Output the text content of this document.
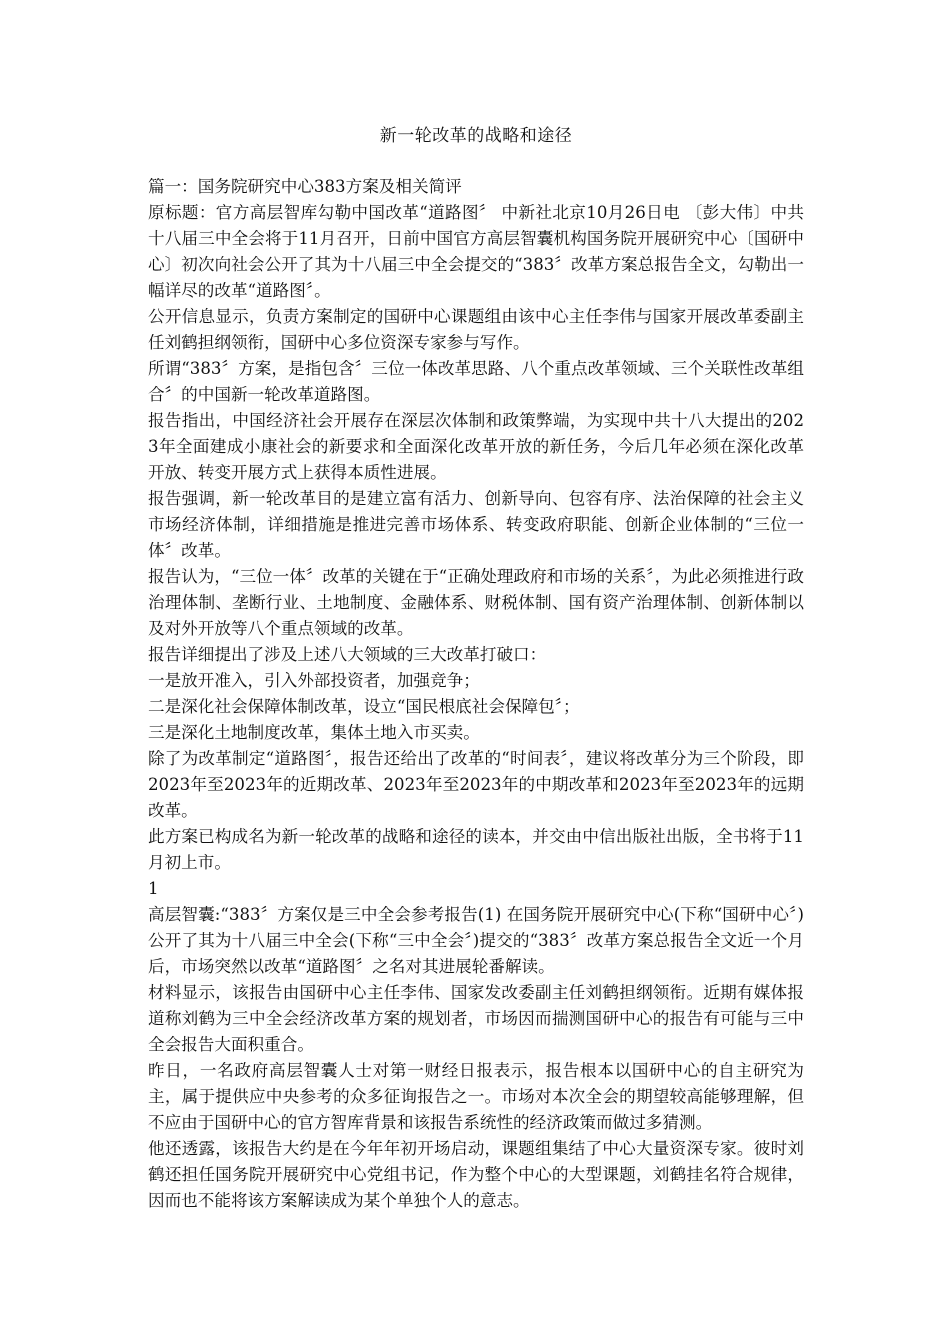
新一轮改革的战略和途径

篇一：国务院研究中心383方案及相关简评

原标题：官方高层智库勾勒中国改革“道路图〞 中新社北京10月26日电 〔彭大伟〕中共十八届三中全会将于11月召开，日前中国官方高层智囊机构国务院开展研究中心〔国研中心〕初次向社会公开了其为十八届三中全会提交的“383〞改革方案总报告全文，勾勒出一幅详尽的改革“道路图〞。

公开信息显示，负责方案制定的国研中心课题组由该中心主任李伟与国家开展改革委副主任刘鹤担纲领衔，国研中心多位资深专家参与写作。

所谓“383〞方案，是指包含〞三位一体改革思路、八个重点改革领域、三个关联性改革组合〞的中国新一轮改革道路图。

报告指出，中国经济社会开展存在深层次体制和政策弊端，为实现中共十八大提出的2023年全面建成小康社会的新要求和全面深化改革开放的新任务，今后几年必须在深化改革开放、转变开展方式上获得本质性进展。

报告强调，新一轮改革目的是建立富有活力、创新导向、包容有序、法治保障的社会主义市场经济体制，详细措施是推进完善市场体系、转变政府职能、创新企业体制的“三位一体〞改革。

报告认为，“三位一体〞改革的关键在于“正确处理政府和市场的关系〞，为此必须推进行政治理体制、垄断行业、土地制度、金融体系、财税体制、国有资产治理体制、创新体制以及对外开放等八个重点领域的改革。

报告详细提出了涉及上述八大领域的三大改革打破口：

一是放开准入，引入外部投资者，加强竞争；

二是深化社会保障体制改革，设立“国民根底社会保障包〞；

三是深化土地制度改革，集体土地入市买卖。

除了为改革制定“道路图〞，报告还给出了改革的“时间表〞，建议将改革分为三个阶段，即2023年至2023年的近期改革、2023年至2023年的中期改革和2023年至2023年的远期改革。

此方案已构成名为新一轮改革的战略和途径的读本，并交由中信出版社出版，全书将于11月初上市。

1

高层智囊:“383〞方案仅是三中全会参考报告(1) 在国务院开展研究中心(下称“国研中心〞)公开了其为十八届三中全会(下称“三中全会〞)提交的“383〞改革方案总报告全文近一个月后，市场突然以改革“道路图〞之名对其进展轮番解读。

材料显示，该报告由国研中心主任李伟、国家发改委副主任刘鹤担纲领衔。近期有媒体报道称刘鹤为三中全会经济改革方案的规划者，市场因而揣测国研中心的报告有可能与三中全会报告大面积重合。

昨日，一名政府高层智囊人士对第一财经日报表示，报告根本以国研中心的自主研究为主，属于提供应中央参考的众多征询报告之一。市场对本次全会的期望较高能够理解，但不应由于国研中心的官方智库背景和该报告系统性的经济政策而做过多猜测。

他还透露，该报告大约是在今年年初开场启动，课题组集结了中心大量资深专家。彼时刘鹤还担任国务院开展研究中心党组书记，作为整个中心的大型课题，刘鹤挂名符合规律，因而也不能将该方案解读成为某个单独个人的意志。
